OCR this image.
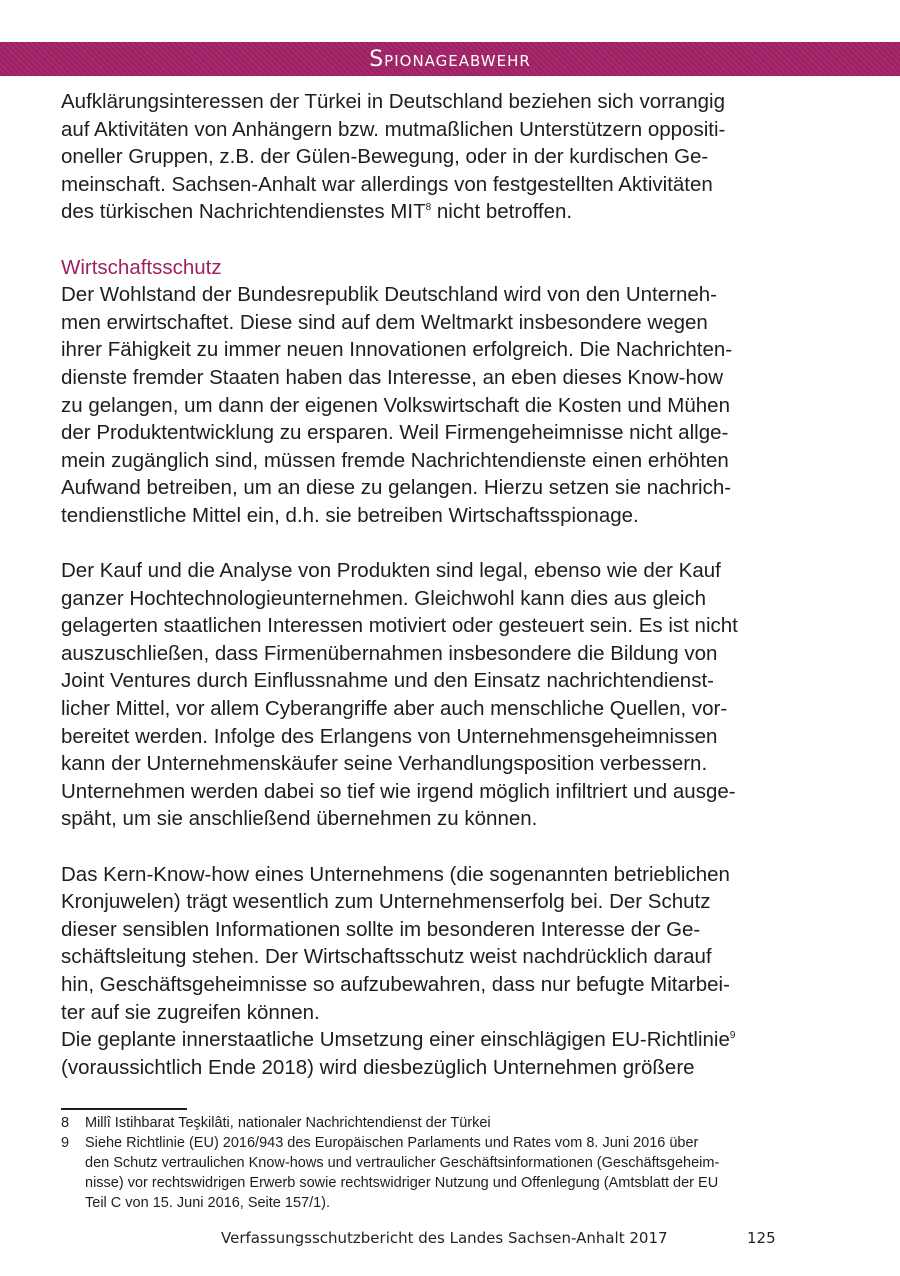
Spionageabwehr
Aufklärungsinteressen der Türkei in Deutschland beziehen sich vorrangig
auf Aktivitäten von Anhängern bzw. mutmaßlichen Unterstützern oppositi-
oneller Gruppen, z.B. der Gülen-Bewegung, oder in der kurdischen Ge-
meinschaft. Sachsen-Anhalt war allerdings von festgestellten Aktivitäten
des türkischen Nachrichtendienstes MIT$^8$ nicht betroffen.
Wirtschaftsschutz
Der Wohlstand der Bundesrepublik Deutschland wird von den Unterneh-
men erwirtschaftet. Diese sind auf dem Weltmarkt insbesondere wegen
ihrer Fähigkeit zu immer neuen Innovationen erfolgreich. Die Nachrichten-
dienste fremder Staaten haben das Interesse, an eben dieses Know-how
zu gelangen, um dann der eigenen Volkswirtschaft die Kosten und Mühen
der Produktentwicklung zu ersparen. Weil Firmengeheimnisse nicht allge-
mein zugänglich sind, müssen fremde Nachrichtendienste einen erhöhten
Aufwand betreiben, um an diese zu gelangen. Hierzu setzen sie nachrich-
tendienstliche Mittel ein, d.h. sie betreiben Wirtschaftsspionage.
Der Kauf und die Analyse von Produkten sind legal, ebenso wie der Kauf
ganzer Hochtechnologieunternehmen. Gleichwohl kann dies aus gleich
gelagerten staatlichen Interessen motiviert oder gesteuert sein. Es ist nicht
auszuschließen, dass Firmenübernahmen insbesondere die Bildung von
Joint Ventures durch Einflussnahme und den Einsatz nachrichtendienst-
licher Mittel, vor allem Cyberangriffe aber auch menschliche Quellen, vor-
bereitet werden. Infolge des Erlangens von Unternehmensgeheimnissen
kann der Unternehmenskäufer seine Verhandlungsposition verbessern.
Unternehmen werden dabei so tief wie irgend möglich infiltriert und ausge-
späht, um sie anschließend übernehmen zu können.
Das Kern-Know-how eines Unternehmens (die sogenannten betrieblichen
Kronjuwelen) trägt wesentlich zum Unternehmenserfolg bei. Der Schutz
dieser sensiblen Informationen sollte im besonderen Interesse der Ge-
schäftsleitung stehen. Der Wirtschaftsschutz weist nachdrücklich darauf
hin, Geschäftsgeheimnisse so aufzubewahren, dass nur befugte Mitarbei-
ter auf sie zugreifen können.
Die geplante innerstaatliche Umsetzung einer einschlägigen EU-Richtlinie$^9$
(voraussichtlich Ende 2018) wird diesbezüglich Unternehmen größere
8 Millî Istihbarat Teşkilâti, nationaler Nachrichtendienst der Türkei
9 Siehe Richtlinie (EU) 2016/943 des Europäischen Parlaments und Rates vom 8. Juni 2016 über
den Schutz vertraulichen Know-hows und vertraulicher Geschäftsinformationen (Geschäftsgeheim-
nisse) vor rechtswidrigen Erwerb sowie rechtswidriger Nutzung und Offenlegung (Amtsblatt der EU
Teil C von 15. Juni 2016, Seite 157/1).
Verfassungsschutzbericht des Landes Sachsen-Anhalt 2017	125
